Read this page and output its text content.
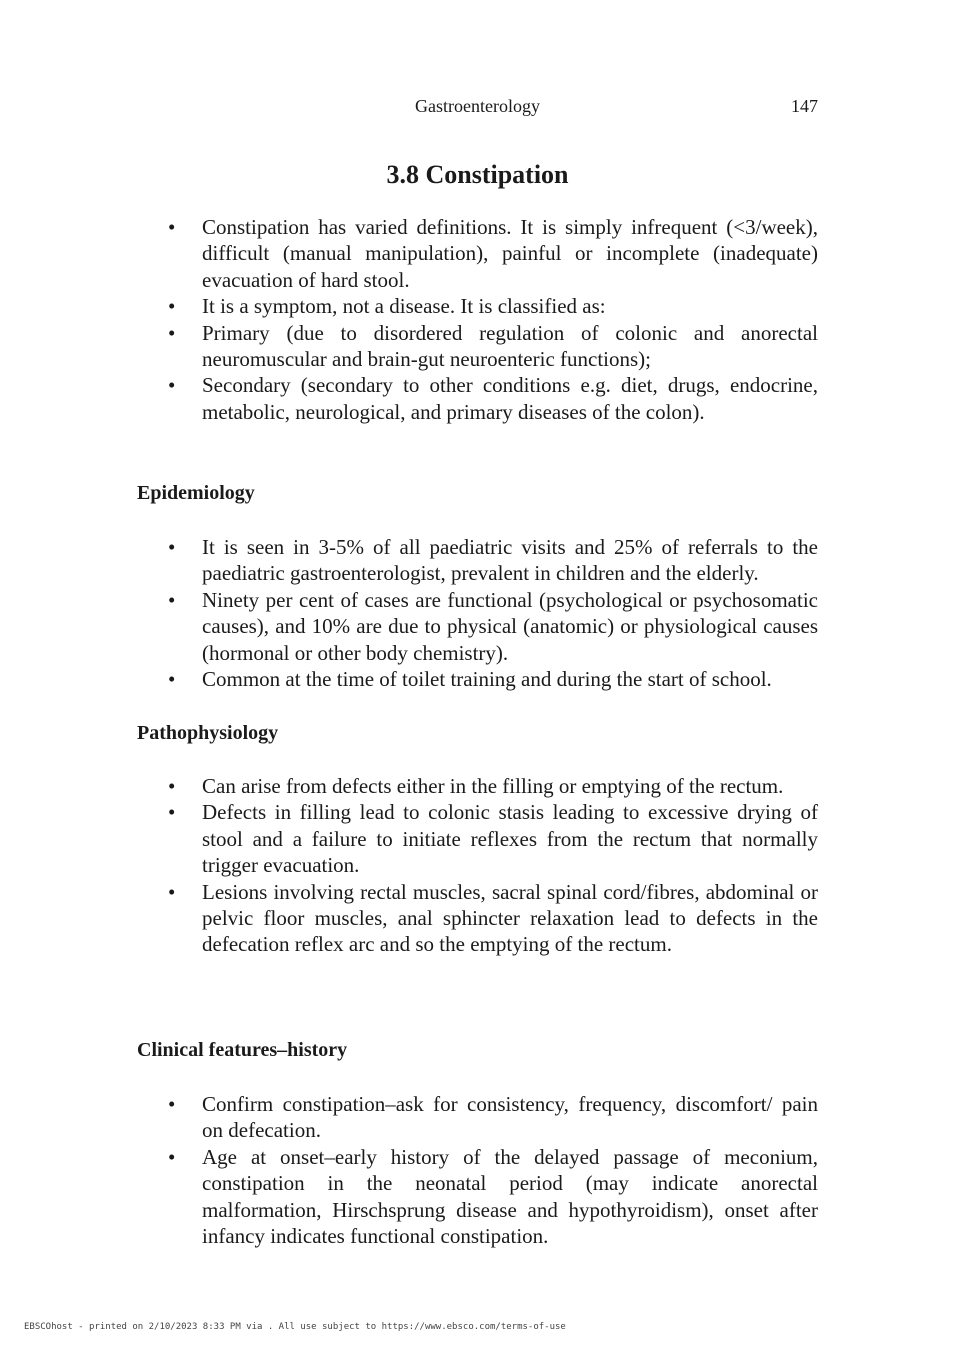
Gastroenterology	147
3.8 Constipation
• Constipation has varied definitions. It is simply infrequent (<3/week), difficult (manual manipulation), painful or incomplete (inadequate) evacuation of hard stool.
• It is a symptom, not a disease. It is classified as:
• Primary (due to disordered regulation of colonic and anorectal neuromuscular and brain-gut neuroenteric functions);
• Secondary (secondary to other conditions e.g. diet, drugs, endocrine, metabolic, neurological, and primary diseases of the colon).
Epidemiology
• It is seen in 3-5% of all paediatric visits and 25% of referrals to the paediatric gastroenterologist, prevalent in children and the elderly.
• Ninety per cent of cases are functional (psychological or psychosomatic causes), and 10% are due to physical (anatomic) or physiological causes (hormonal or other body chemistry).
• Common at the time of toilet training and during the start of school.
Pathophysiology
• Can arise from defects either in the filling or emptying of the rectum.
• Defects in filling lead to colonic stasis leading to excessive drying of stool and a failure to initiate reflexes from the rectum that normally trigger evacuation.
• Lesions involving rectal muscles, sacral spinal cord/fibres, abdominal or pelvic floor muscles, anal sphincter relaxation lead to defects in the defecation reflex arc and so the emptying of the rectum.
Clinical features–history
• Confirm constipation–ask for consistency, frequency, discomfort/ pain on defecation.
• Age at onset–early history of the delayed passage of meconium, constipation in the neonatal period (may indicate anorectal malformation, Hirschsprung disease and hypothyroidism), onset after infancy indicates functional constipation.
EBSCOhost - printed on 2/10/2023 8:33 PM via . All use subject to https://www.ebsco.com/terms-of-use
